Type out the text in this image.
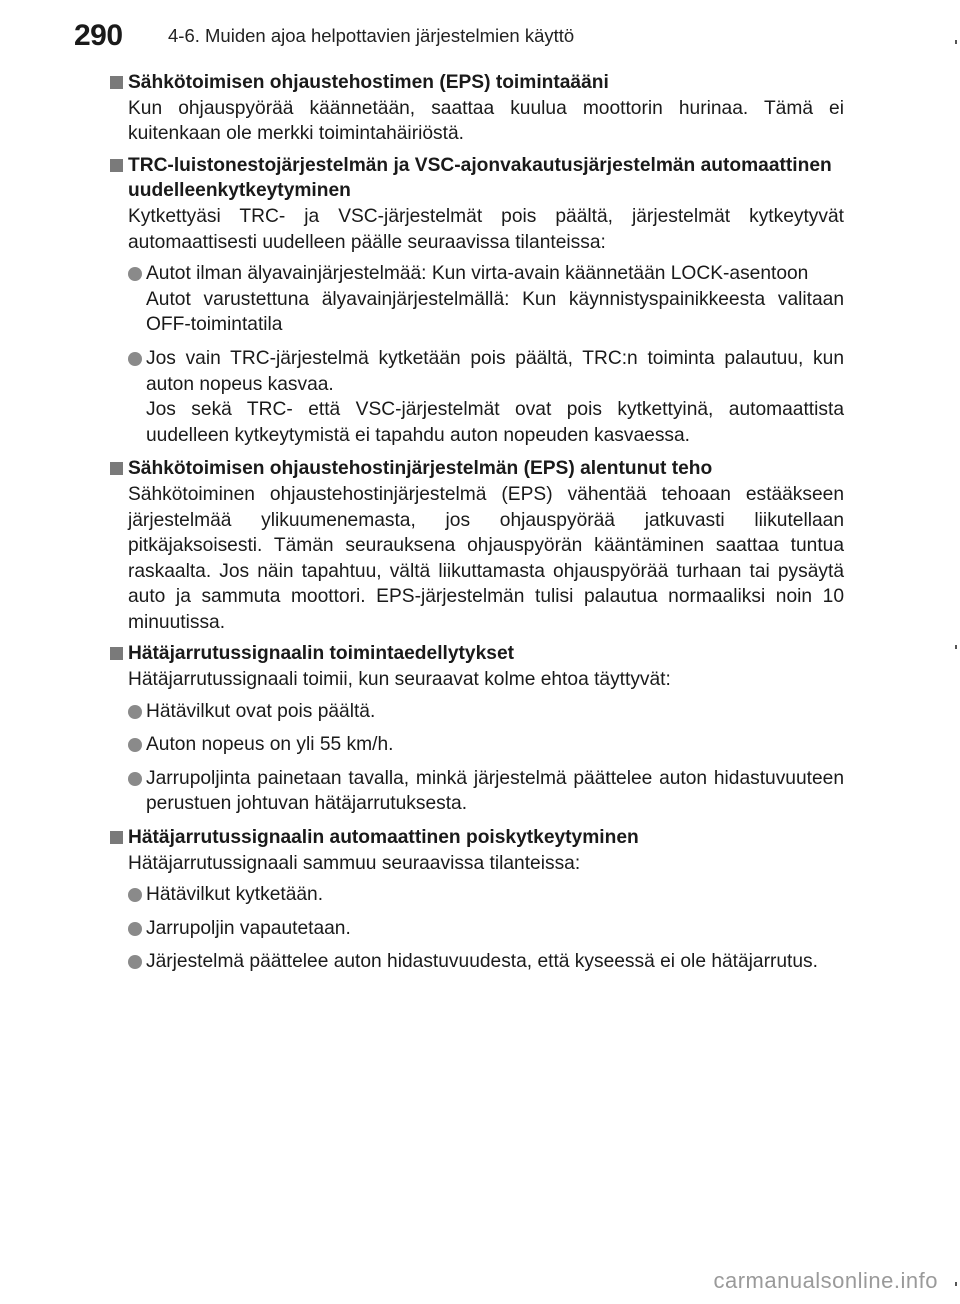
290	4-6. Muiden ajoa helpottavien järjestelmien käyttö
Sähkötoimisen ohjaustehostimen (EPS) toimintaääni

Kun ohjauspyörää käännetään, saattaa kuulua moottorin hurinaa. Tämä ei kuitenkaan ole merkki toimintahäiriöstä.

TRC-luistonestojärjestelmän ja VSC-ajonvakautusjärjestelmän automaattinen uudelleenkytkeytyminen

Kytkettyäsi TRC- ja VSC-järjestelmät pois päältä, järjestelmät kytkeytyvät automaattisesti uudelleen päälle seuraavissa tilanteissa:

Autot ilman älyavainjärjestelmää: Kun virta-avain käännetään LOCK-asentoon

Autot varustettuna älyavainjärjestelmällä: Kun käynnistyspainikkeesta valitaan OFF-toimintatila

Jos vain TRC-järjestelmä kytketään pois päältä, TRC:n toiminta palautuu, kun auton nopeus kasvaa.

Jos sekä TRC- että VSC-järjestelmät ovat pois kytkettyinä, automaattista uudelleen kytkeytymistä ei tapahdu auton nopeuden kasvaessa.

Sähkötoimisen ohjaustehostinjärjestelmän (EPS) alentunut teho

Sähkötoiminen ohjaustehostinjärjestelmä (EPS) vähentää tehoaan estääkseen järjestelmää ylikuumenemasta, jos ohjauspyörää jatkuvasti liikutellaan pitkäjaksoisesti. Tämän seurauksena ohjauspyörän kääntäminen saattaa tuntua raskaalta. Jos näin tapahtuu, vältä liikuttamasta ohjauspyörää turhaan tai pysäytä auto ja sammuta moottori. EPS-järjestelmän tulisi palautua normaaliksi noin 10 minuutissa.

Hätäjarrutussignaalin toimintaedellytykset

Hätäjarrutussignaali toimii, kun seuraavat kolme ehtoa täyttyvät:

Hätävilkut ovat pois päältä.

Auton nopeus on yli 55 km/h.

Jarrupoljinta painetaan tavalla, minkä järjestelmä päättelee auton hidastuvuuteen perustuen johtuvan hätäjarrutuksesta.

Hätäjarrutussignaalin automaattinen poiskytkeytyminen

Hätäjarrutussignaali sammuu seuraavissa tilanteissa:

Hätävilkut kytketään.

Jarrupoljin vapautetaan.

Järjestelmä päättelee auton hidastuvuudesta, että kyseessä ei ole hätäjarrutus.

carmanualsonline.info
